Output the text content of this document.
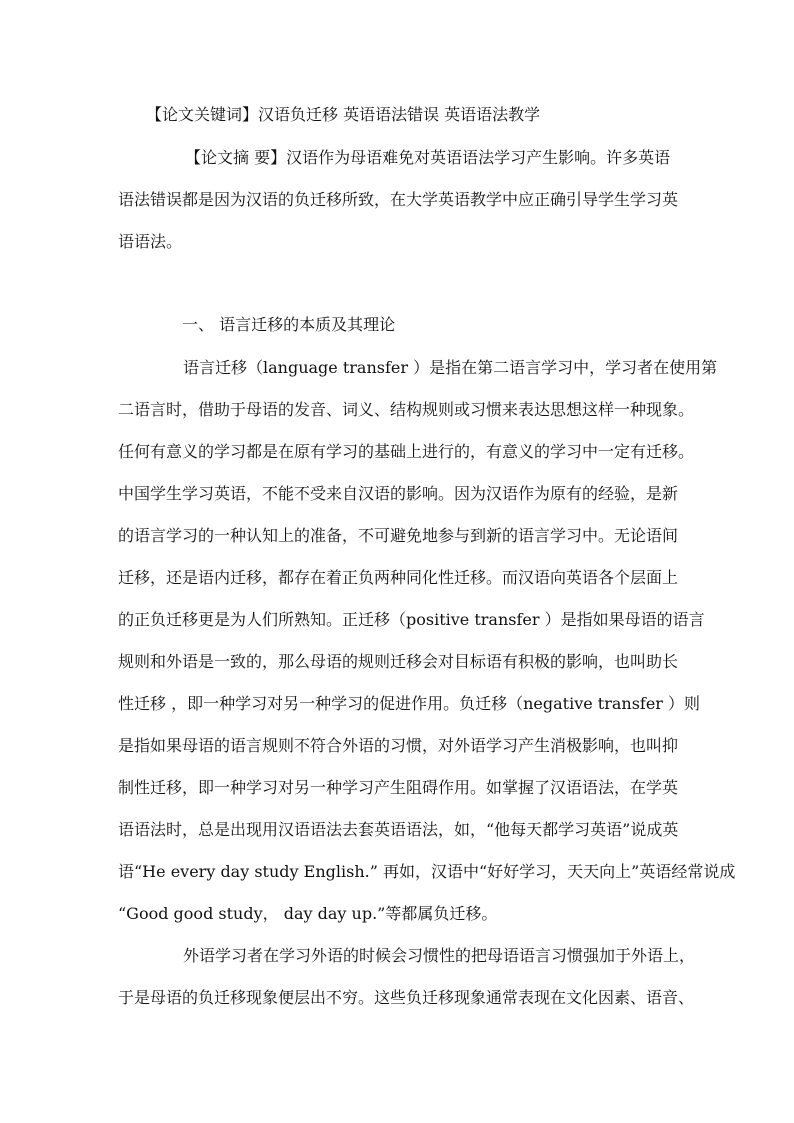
【论文关键词】汉语负迁移 英语语法错误 英语语法教学
【论文摘 要】汉语作为母语难免对英语语法学习产生影响。许多英语
语法错误都是因为汉语的负迁移所致，在大学英语教学中应正确引导学生学习英
语语法。
一、 语言迁移的本质及其理论
语言迁移（language transfer ）是指在第二语言学习中，学习者在使用第
二语言时，借助于母语的发音、词义、结构规则或习惯来表达思想这样一种现象。
任何有意义的学习都是在原有学习的基础上进行的，有意义的学习中一定有迁移。
中国学生学习英语，不能不受来自汉语的影响。因为汉语作为原有的经验，是新
的语言学习的一种认知上的准备，不可避免地参与到新的语言学习中。无论语间
迁移，还是语内迁移，都存在着正负两种同化性迁移。而汉语向英语各个层面上
的正负迁移更是为人们所熟知。正迁移（positive transfer ）是指如果母语的语言
规则和外语是一致的，那么母语的规则迁移会对目标语有积极的影响，也叫助长
性迁移 ，即一种学习对另一种学习的促进作用。负迁移（negative transfer ）则
是指如果母语的语言规则不符合外语的习惯，对外语学习产生消极影响，也叫抑
制性迁移，即一种学习对另一种学习产生阻碍作用。如掌握了汉语语法，在学英
语语法时，总是出现用汉语语法去套英语语法，如，“他每天都学习英语”说成英
语“He every day study English.” 再如，汉语中“好好学习，天天向上”英语经常说成
“Good good study， day day up.”等都属负迁移。
外语学习者在学习外语的时候会习惯性的把母语语言习惯强加于外语上，
于是母语的负迁移现象便层出不穷。这些负迁移现象通常表现在文化因素、语音、
